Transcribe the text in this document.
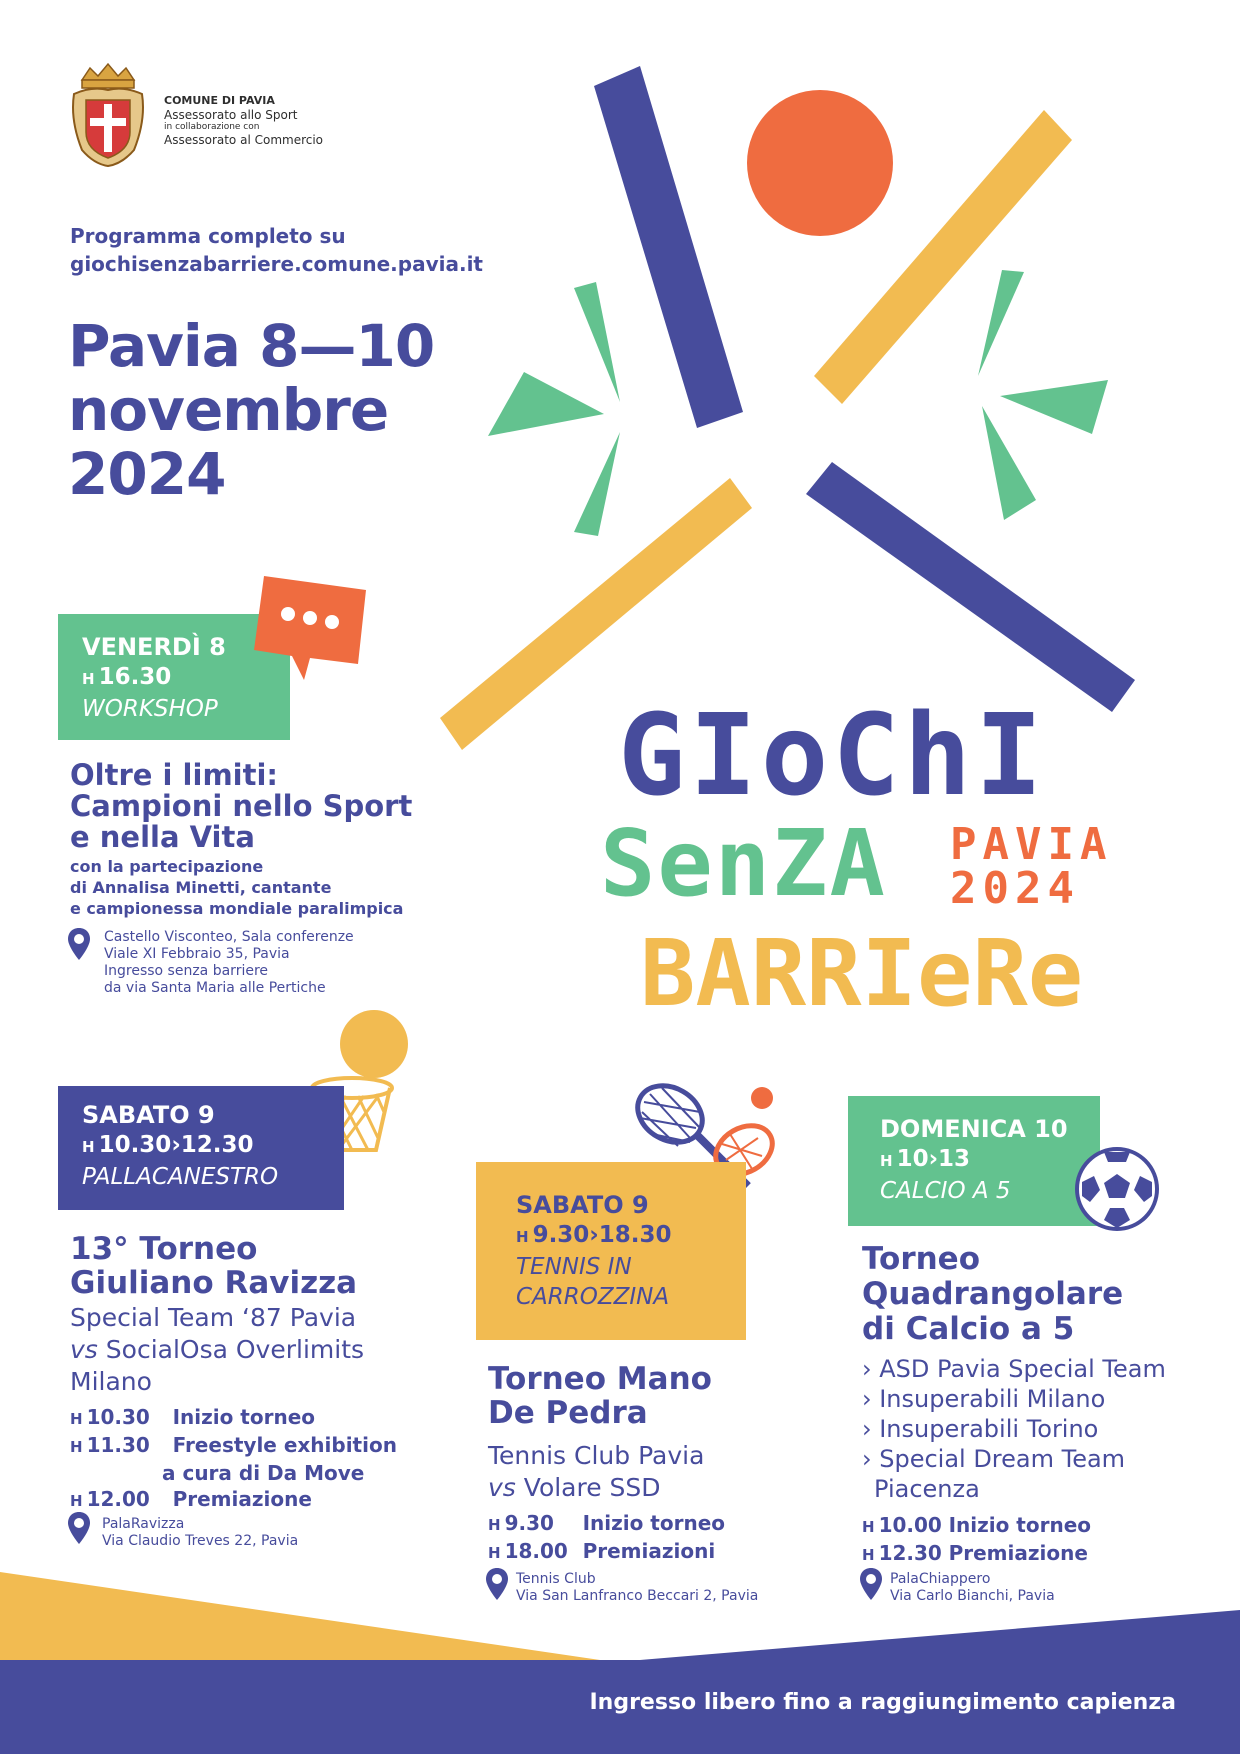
COMUNE DI PAVIA
Assessorato allo Sport
in collaborazione con
Assessorato al Commercio
Programma completo su
giochisenzabarriere.comune.pavia.it
Pavia 8—10
novembre
2024
GIoChI
SenZA PAVIA
2024
BARRIeRe
VENERDÌ 8
H 16.30
WORKSHOP
Oltre i limiti:
Campioni nello Sport
e nella Vita
con la partecipazione
di Annalisa Minetti, cantante
e campionessa mondiale paralimpica
Castello Visconteo, Sala conferenze
Viale XI Febbraio 35, Pavia
Ingresso senza barriere
da via Santa Maria alle Pertiche
SABATO 9
H 10.30›12.30
PALLACANESTRO
13° Torneo
Giuliano Ravizza
Special Team ‘87 Pavia
vs SocialOsa Overlimits
Milano
H 10.30 Inizio torneo
H 11.30 Freestyle exhibition
a cura di Da Move
H 12.00 Premiazione
PalaRavizza
Via Claudio Treves 22, Pavia
SABATO 9
H 9.30›18.30
TENNIS IN
CARROZZINA
Torneo Mano
De Pedra
Tennis Club Pavia
vs Volare SSD
H 9.30 Inizio torneo
H 18.00 Premiazioni
Tennis Club
Via San Lanfranco Beccari 2, Pavia
DOMENICA 10
H 10›13
CALCIO A 5
Torneo
Quadrangolare
di Calcio a 5
› ASD Pavia Special Team
› Insuperabili Milano
› Insuperabili Torino
› Special Dream Team
Piacenza
H 10.00 Inizio torneo
H 12.30 Premiazione
PalaChiappero
Via Carlo Bianchi, Pavia
Ingresso libero fino a raggiungimento capienza
